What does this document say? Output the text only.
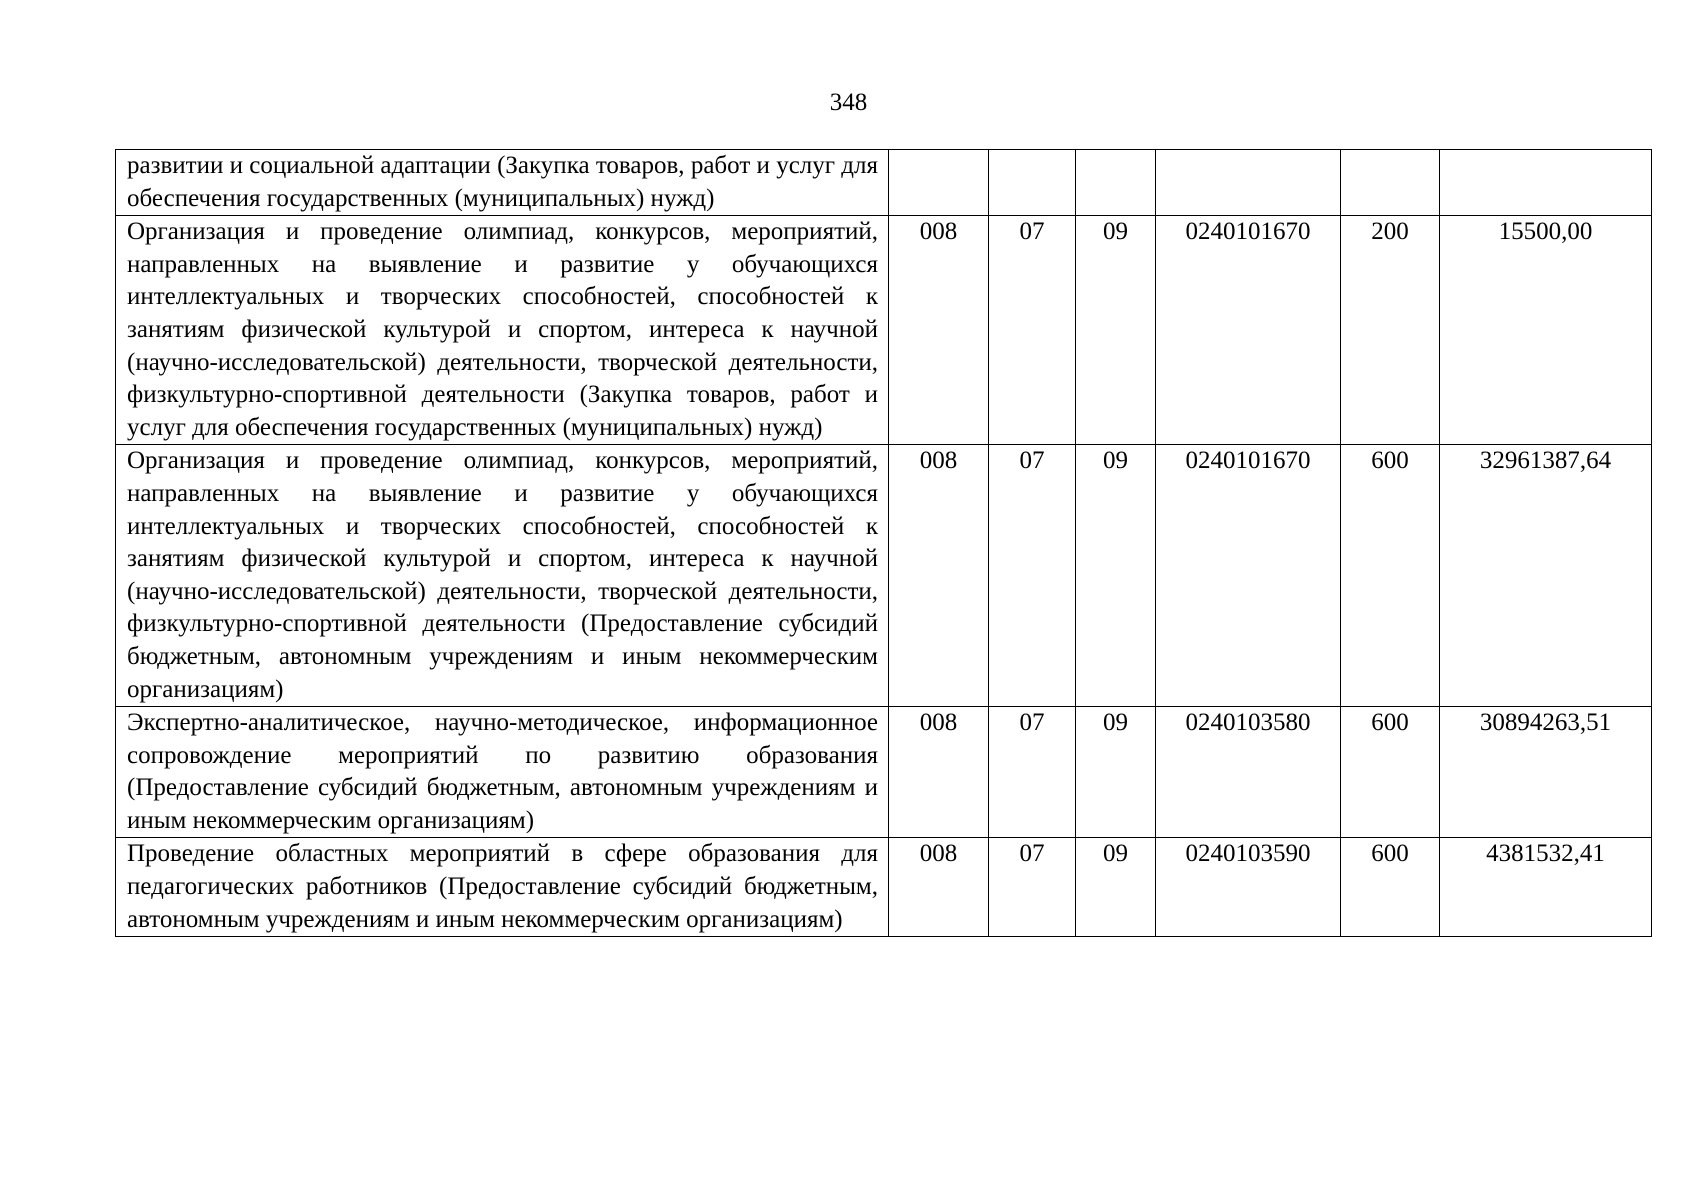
348
развитии и социальной адаптации (Закупка товаров, работ и услуг для обеспечения государственных (муниципальных) нужд)						
Организация и проведение олимпиад, конкурсов, мероприятий, направленных на выявление и развитие у обучающихся интеллектуальных и творческих способностей, способностей к занятиям физической культурой и спортом, интереса к научной (научно-исследовательской) деятельности, творческой деятельности, физкультурно-спортивной деятельности (Закупка товаров, работ и услуг для обеспечения государственных (муниципальных) нужд)	008	07	09	0240101670	200	15500,00
Организация и проведение олимпиад, конкурсов, мероприятий, направленных на выявление и развитие у обучающихся интеллектуальных и творческих способностей, способностей к занятиям физической культурой и спортом, интереса к научной (научно-исследовательской) деятельности, творческой деятельности, физкультурно-спортивной деятельности (Предоставление субсидий бюджетным, автономным учреждениям и иным некоммерческим организациям)	008	07	09	0240101670	600	32961387,64
Экспертно-аналитическое, научно-методическое, информационное сопровождение мероприятий по развитию образования (Предоставление субсидий бюджетным, автономным учреждениям и иным некоммерческим организациям)	008	07	09	0240103580	600	30894263,51
Проведение областных мероприятий в сфере образования для педагогических работников (Предоставление субсидий бюджетным, автономным учреждениям и иным некоммерческим организациям)	008	07	09	0240103590	600	4381532,41
